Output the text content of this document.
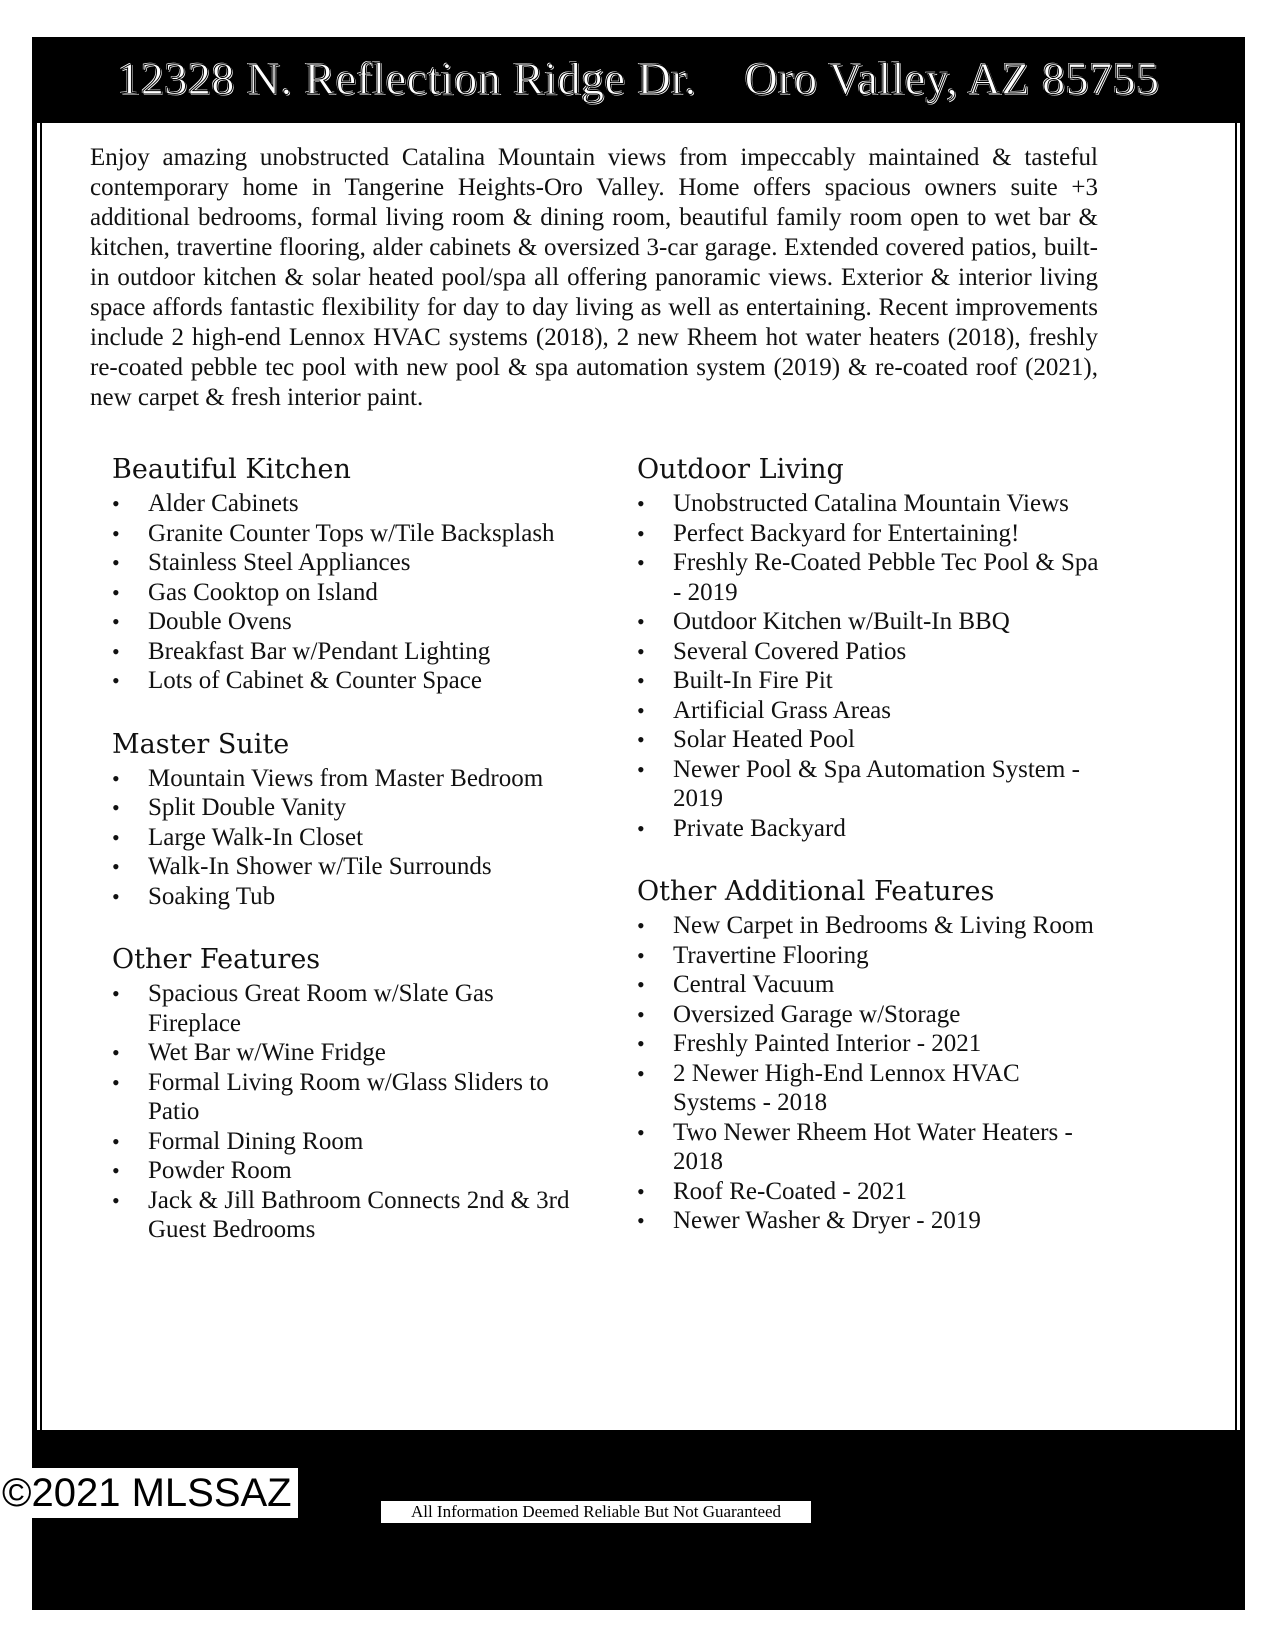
12328 N. Reflection Ridge Dr.    Oro Valley, AZ 85755

Enjoy amazing unobstructed Catalina Mountain views from impeccably maintained & tasteful contemporary home in Tangerine Heights-Oro Valley. Home offers spacious owners suite +3 additional bedrooms, formal living room & dining room, beautiful family room open to wet bar & kitchen, travertine flooring, alder cabinets & oversized 3-car garage. Extended covered patios, built-in outdoor kitchen & solar heated pool/spa all offering panoramic views. Exterior & interior living space affords fantastic flexibility for day to day living as well as entertaining. Recent improvements include 2 high-end Lennox HVAC systems (2018), 2 new Rheem hot water heaters (2018), freshly re-coated pebble tec pool with new pool & spa automation system (2019) & re-coated roof (2021), new carpet & fresh interior paint.

Beautiful Kitchen
• Alder Cabinets
• Granite Counter Tops w/Tile Backsplash
• Stainless Steel Appliances
• Gas Cooktop on Island
• Double Ovens
• Breakfast Bar w/Pendant Lighting
• Lots of Cabinet & Counter Space
Master Suite
• Mountain Views from Master Bedroom
• Split Double Vanity
• Large Walk-In Closet
• Walk-In Shower w/Tile Surrounds
• Soaking Tub
Other Features
• Spacious Great Room w/Slate Gas Fireplace
• Wet Bar w/Wine Fridge
• Formal Living Room w/Glass Sliders to Patio
• Formal Dining Room
• Powder Room
• Jack & Jill Bathroom Connects 2nd & 3rd Guest Bedrooms
Outdoor Living
• Unobstructed Catalina Mountain Views
• Perfect Backyard for Entertaining!
• Freshly Re-Coated Pebble Tec Pool & Spa - 2019
• Outdoor Kitchen w/Built-In BBQ
• Several Covered Patios
• Built-In Fire Pit
• Artificial Grass Areas
• Solar Heated Pool
• Newer Pool & Spa Automation System - 2019
• Private Backyard
Other Additional Features
• New Carpet in Bedrooms & Living Room
• Travertine Flooring
• Central Vacuum
• Oversized Garage w/Storage
• Freshly Painted Interior - 2021
• 2 Newer High-End Lennox HVAC Systems - 2018
• Two Newer Rheem Hot Water Heaters - 2018
• Roof Re-Coated - 2021
• Newer Washer & Dryer - 2019
©2021 MLSSAZ	All Information Deemed Reliable But Not Guaranteed
